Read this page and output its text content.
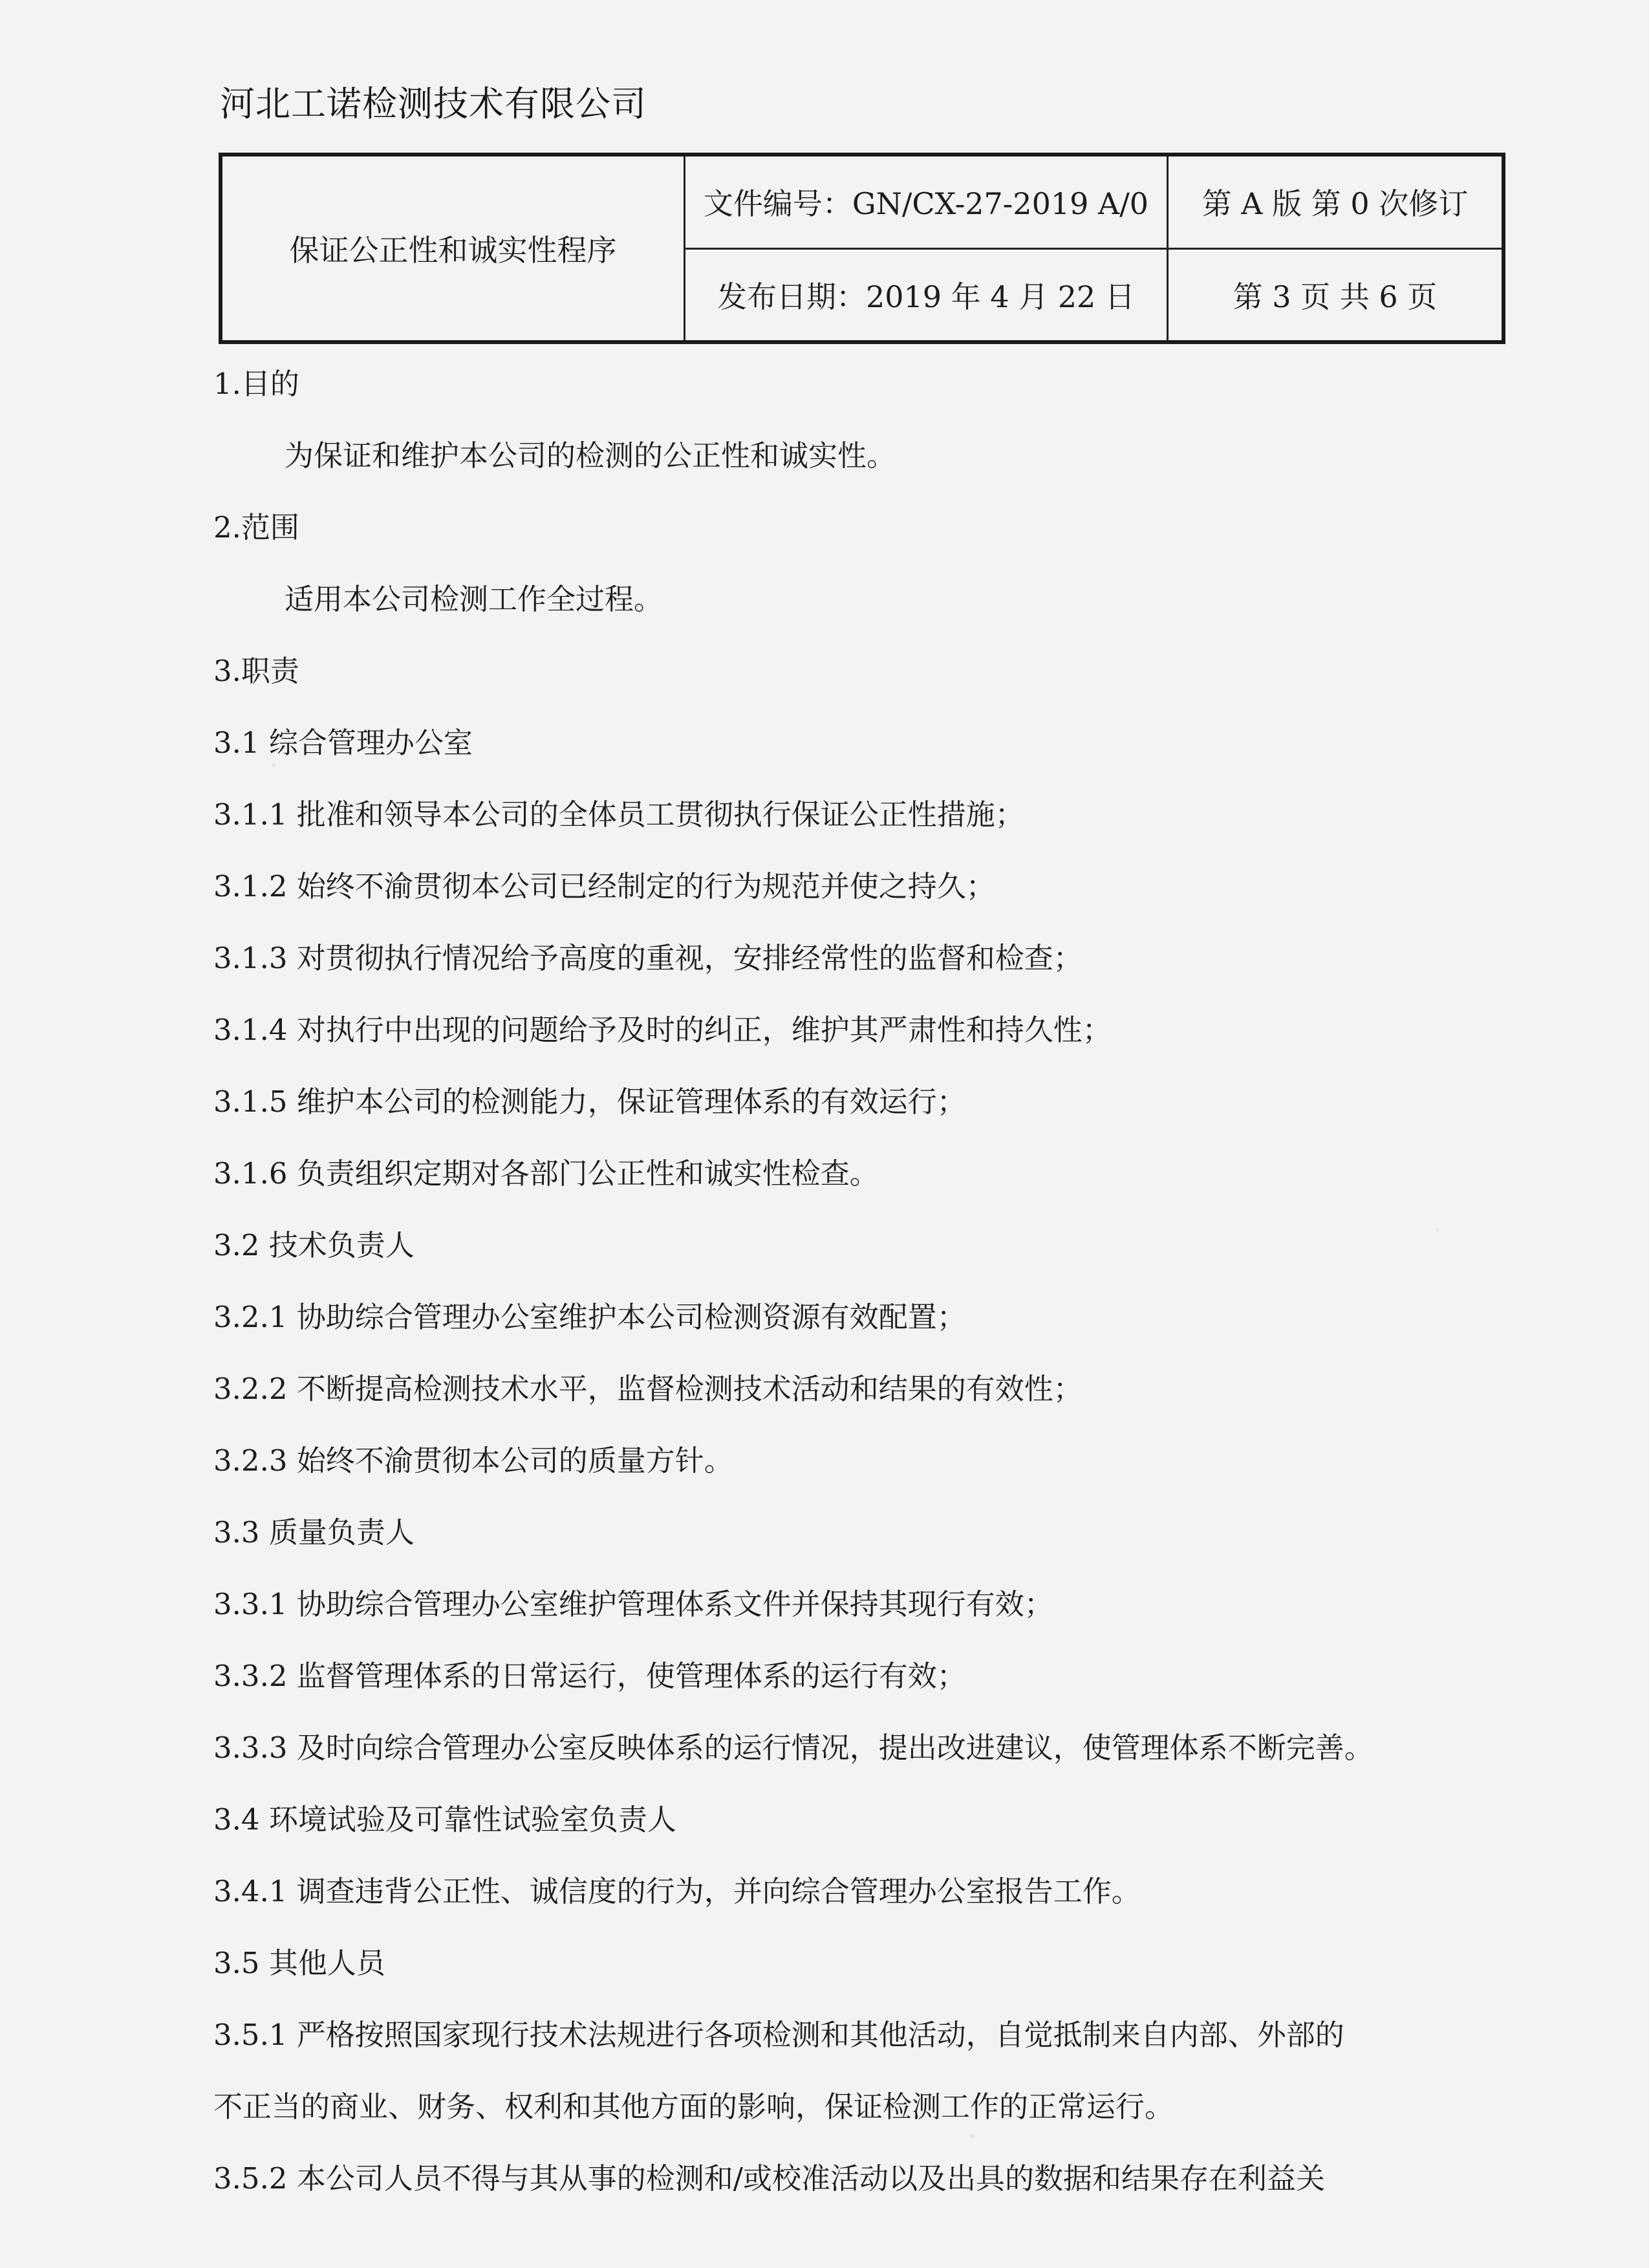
河北工诺检测技术有限公司
保证公正性和诚实性程序	文件编号：GN/CX-27-2019 A/0	第 A 版 第 0 次修订
	发布日期：2019 年 4 月 22 日	第 3 页 共 6 页
1.目的
为保证和维护本公司的检测的公正性和诚实性。
2.范围
适用本公司检测工作全过程。
3.职责
3.1 综合管理办公室
3.1.1 批准和领导本公司的全体员工贯彻执行保证公正性措施；
3.1.2 始终不渝贯彻本公司已经制定的行为规范并使之持久；
3.1.3 对贯彻执行情况给予高度的重视，安排经常性的监督和检查；
3.1.4 对执行中出现的问题给予及时的纠正，维护其严肃性和持久性；
3.1.5 维护本公司的检测能力，保证管理体系的有效运行；
3.1.6 负责组织定期对各部门公正性和诚实性检查。
3.2 技术负责人
3.2.1 协助综合管理办公室维护本公司检测资源有效配置；
3.2.2 不断提高检测技术水平，监督检测技术活动和结果的有效性；
3.2.3 始终不渝贯彻本公司的质量方针。
3.3 质量负责人
3.3.1 协助综合管理办公室维护管理体系文件并保持其现行有效；
3.3.2 监督管理体系的日常运行，使管理体系的运行有效；
3.3.3 及时向综合管理办公室反映体系的运行情况，提出改进建议，使管理体系不断完善。
3.4 环境试验及可靠性试验室负责人
3.4.1 调查违背公正性、诚信度的行为，并向综合管理办公室报告工作。
3.5 其他人员
3.5.1 严格按照国家现行技术法规进行各项检测和其他活动，自觉抵制来自内部、外部的
不正当的商业、财务、权利和其他方面的影响，保证检测工作的正常运行。
3.5.2 本公司人员不得与其从事的检测和/或校准活动以及出具的数据和结果存在利益关
